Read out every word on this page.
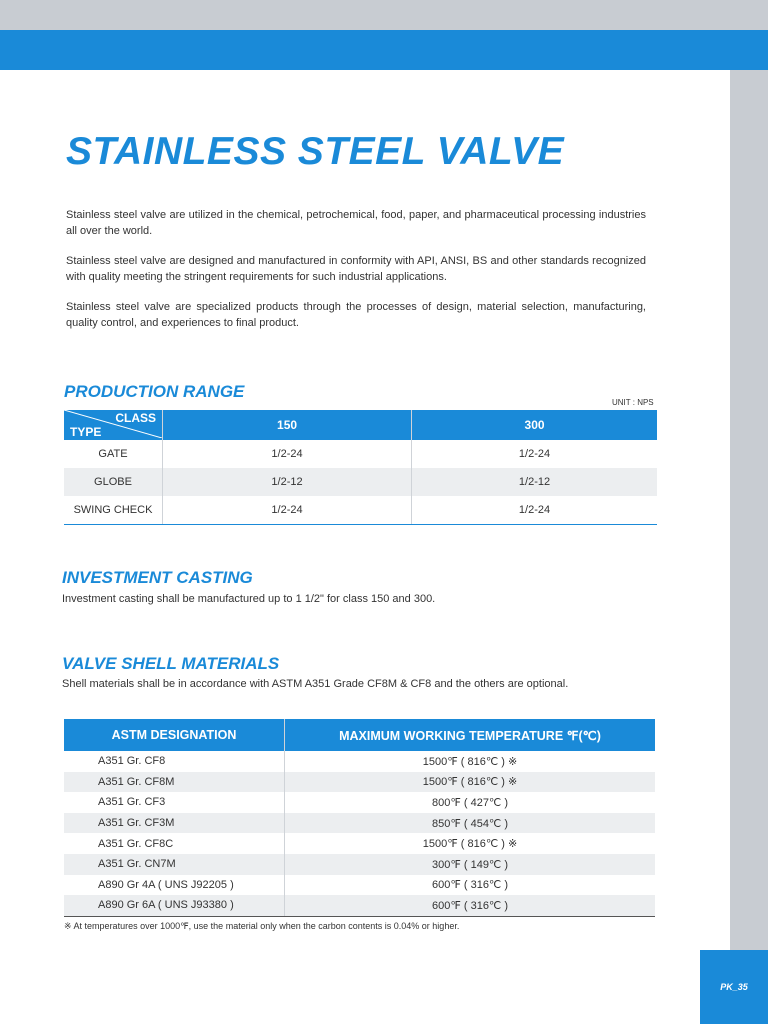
PK_35
STAINLESS STEEL VALVE

Stainless steel valve are utilized in the chemical, petrochemical, food, paper, and pharmaceutical processing industries all over the world.

Stainless steel valve are designed and manufactured in conformity with API, ANSI, BS and other standards recognized with quality meeting the stringent requirements for such industrial applications.

Stainless steel valve are specialized products through the processes of design, material selection, manufacturing, quality control, and experiences to final product.

PRODUCTION RANGE
UNIT : NPS
CLASS
TYPE	150	300
GATE	1/2-24	1/2-24
GLOBE	1/2-12	1/2-12
SWING CHECK	1/2-24	1/2-24
INVESTMENT CASTING

Investment casting shall be manufactured up to 1 1/2" for class 150 and 300.

VALVE SHELL MATERIALS

Shell materials shall be in accordance with ASTM A351 Grade CF8M & CF8 and the others are optional.

ASTM DESIGNATION	MAXIMUM WORKING TEMPERATURE ℉(℃)
A351 Gr. CF8	1500℉ ( 816℃ ) ※
A351 Gr. CF8M	1500℉ ( 816℃ ) ※
A351 Gr. CF3	800℉ ( 427℃ )
A351 Gr. CF3M	850℉ ( 454℃ )
A351 Gr. CF8C	1500℉ ( 816℃ ) ※
A351 Gr. CN7M	300℉ ( 149℃ )
A890 Gr 4A ( UNS J92205 )	600℉ ( 316℃ )
A890 Gr 6A ( UNS J93380 )	600℉ ( 316℃ )
※ At temperatures over 1000℉, use the material only when the carbon contents is 0.04% or higher.
